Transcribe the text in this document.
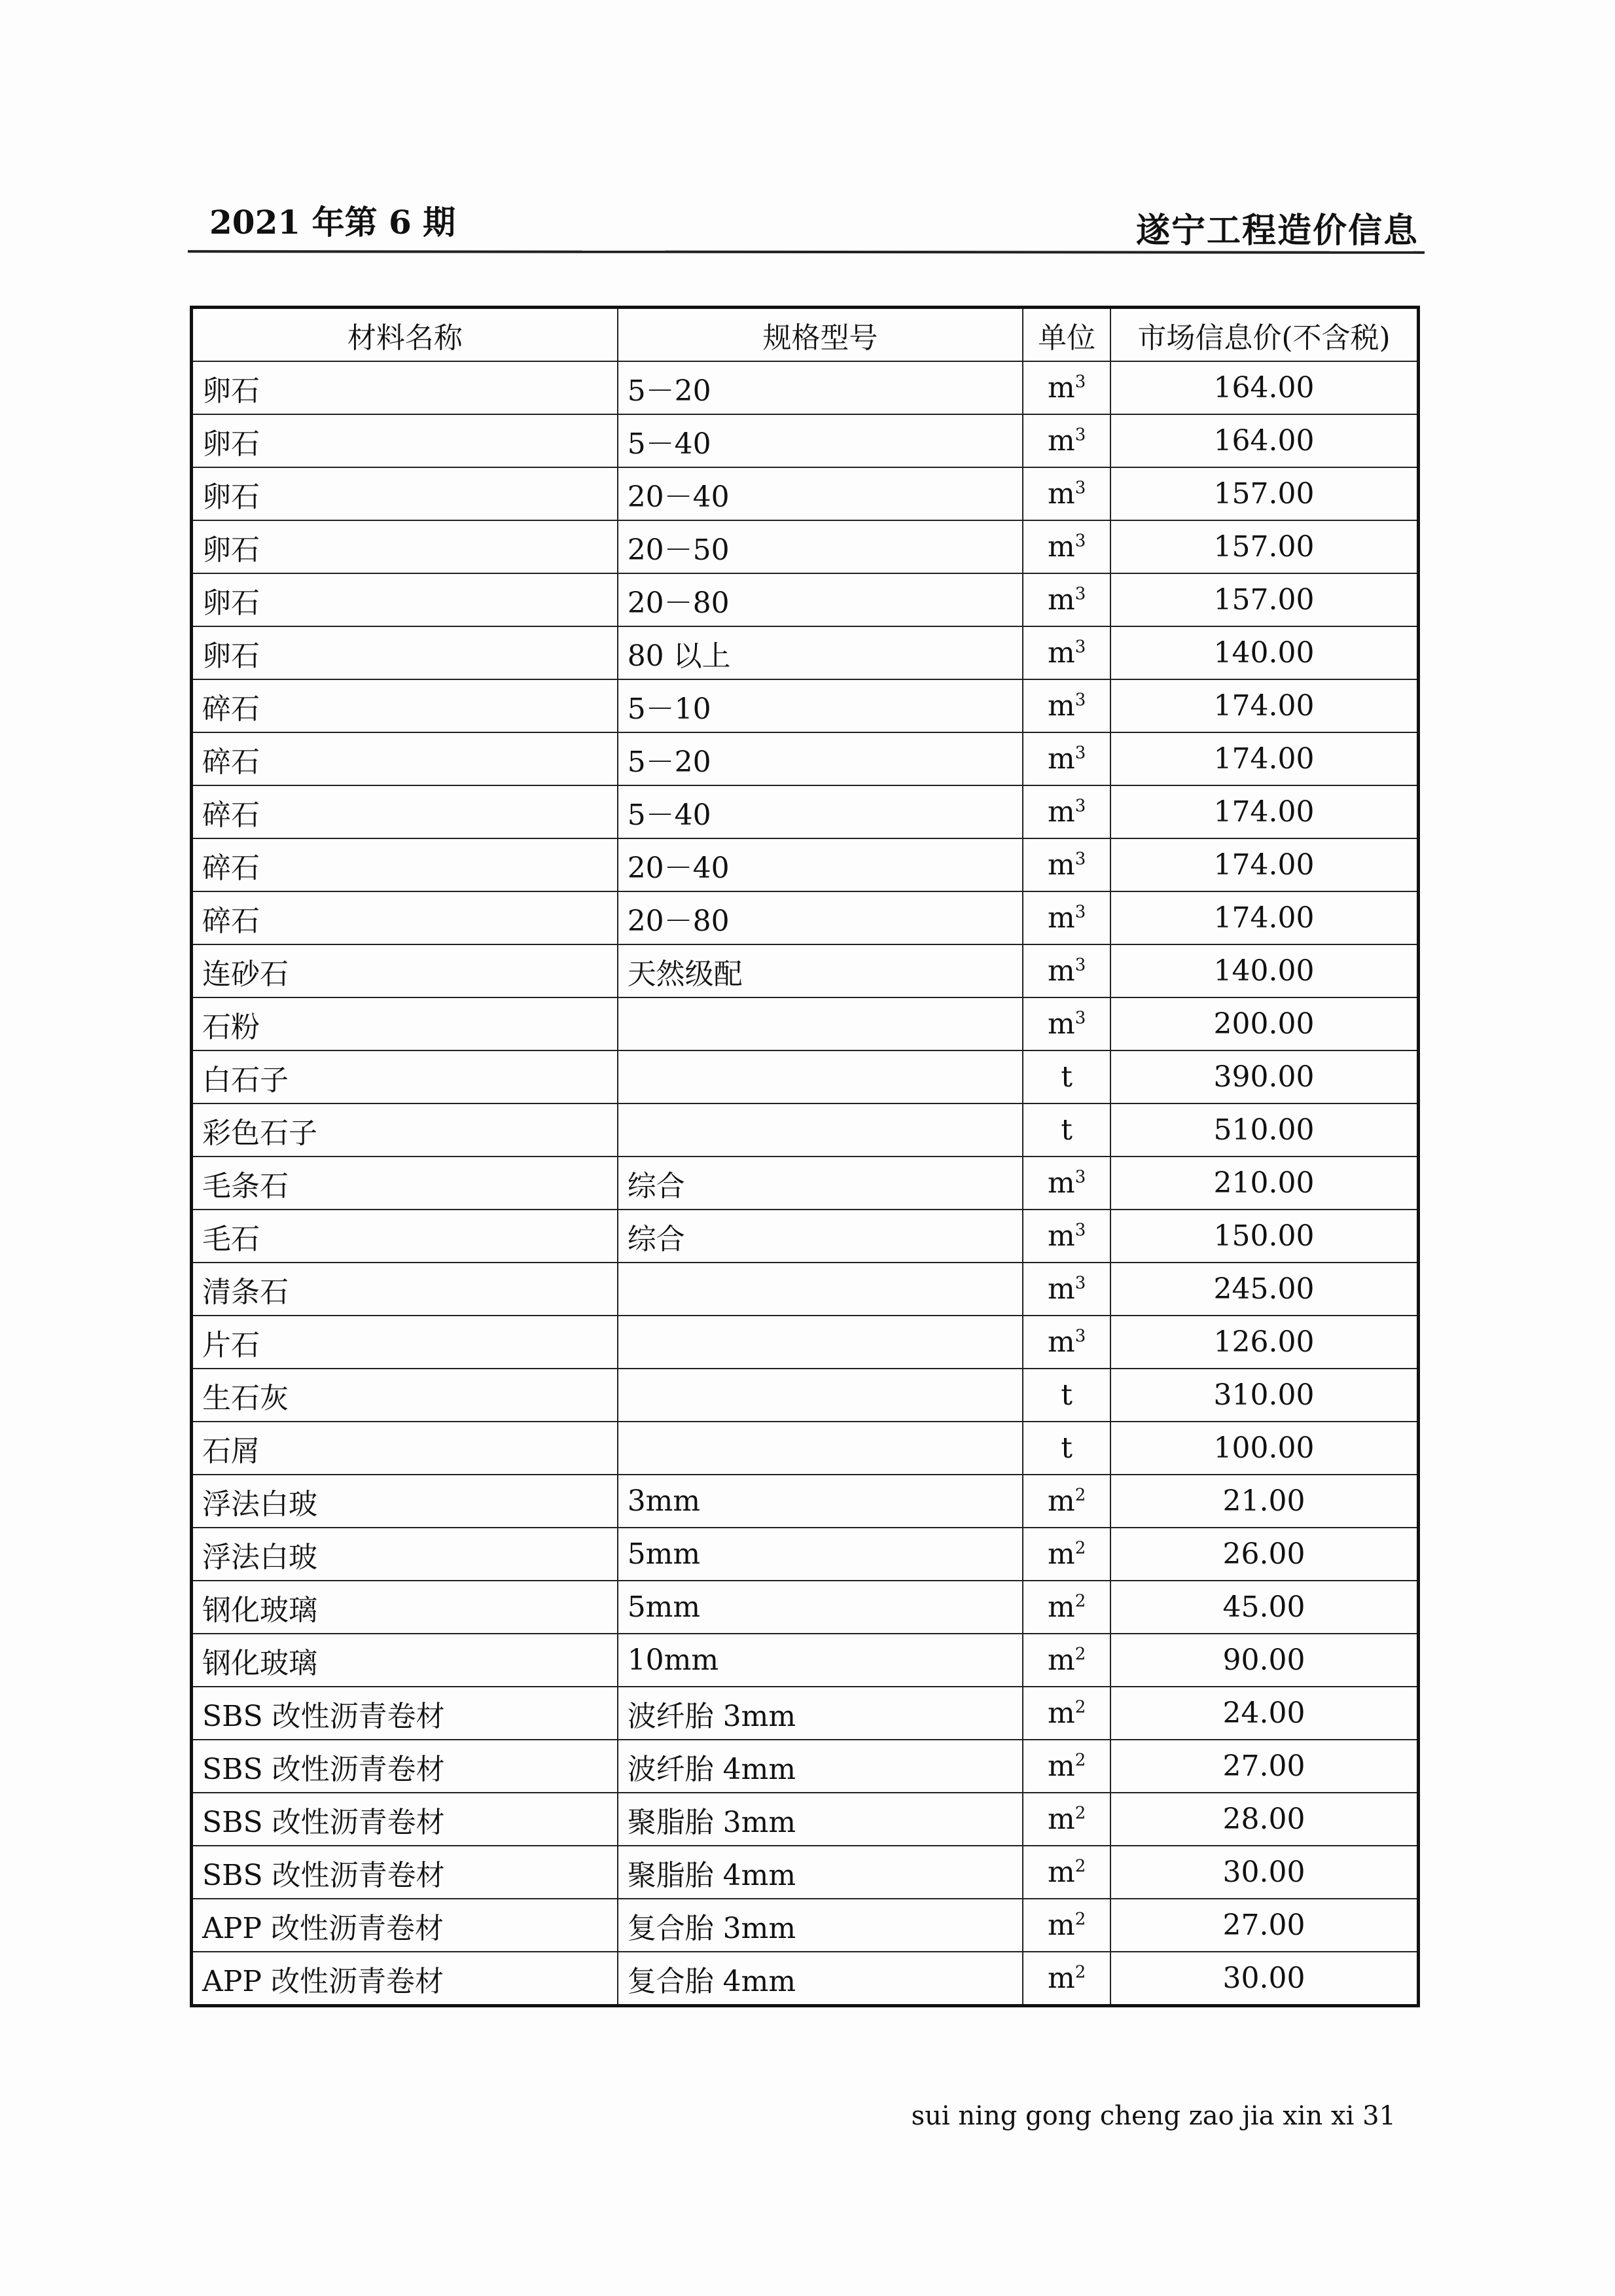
2021 年第 6 期	遂宁工程造价信息
材料名称	规格型号	单位	市场信息价(不含税)
卵石	5－20	$m^3$	164.00
卵石	5－40	$m^3$	164.00
卵石	20－40	$m^3$	157.00
卵石	20－50	$m^3$	157.00
卵石	20－80	$m^3$	157.00
卵石	80 以上	$m^3$	140.00
碎石	5－10	$m^3$	174.00
碎石	5－20	$m^3$	174.00
碎石	5－40	$m^3$	174.00
碎石	20－40	$m^3$	174.00
碎石	20－80	$m^3$	174.00
连砂石	天然级配	$m^3$	140.00
石粉		$m^3$	200.00
白石子		t	390.00
彩色石子		t	510.00
毛条石	综合	$m^3$	210.00
毛石	综合	$m^3$	150.00
清条石		$m^3$	245.00
片石		$m^3$	126.00
生石灰		t	310.00
石屑		t	100.00
浮法白玻	3mm	$m^2$	21.00
浮法白玻	5mm	$m^2$	26.00
钢化玻璃	5mm	$m^2$	45.00
钢化玻璃	10mm	$m^2$	90.00
SBS 改性沥青卷材	波纤胎 3mm	$m^2$	24.00
SBS 改性沥青卷材	波纤胎 4mm	$m^2$	27.00
SBS 改性沥青卷材	聚脂胎 3mm	$m^2$	28.00
SBS 改性沥青卷材	聚脂胎 4mm	$m^2$	30.00
APP 改性沥青卷材	复合胎 3mm	$m^2$	27.00
APP 改性沥青卷材	复合胎 4mm	$m^2$	30.00
sui ning gong cheng zao jia xin xi 31
